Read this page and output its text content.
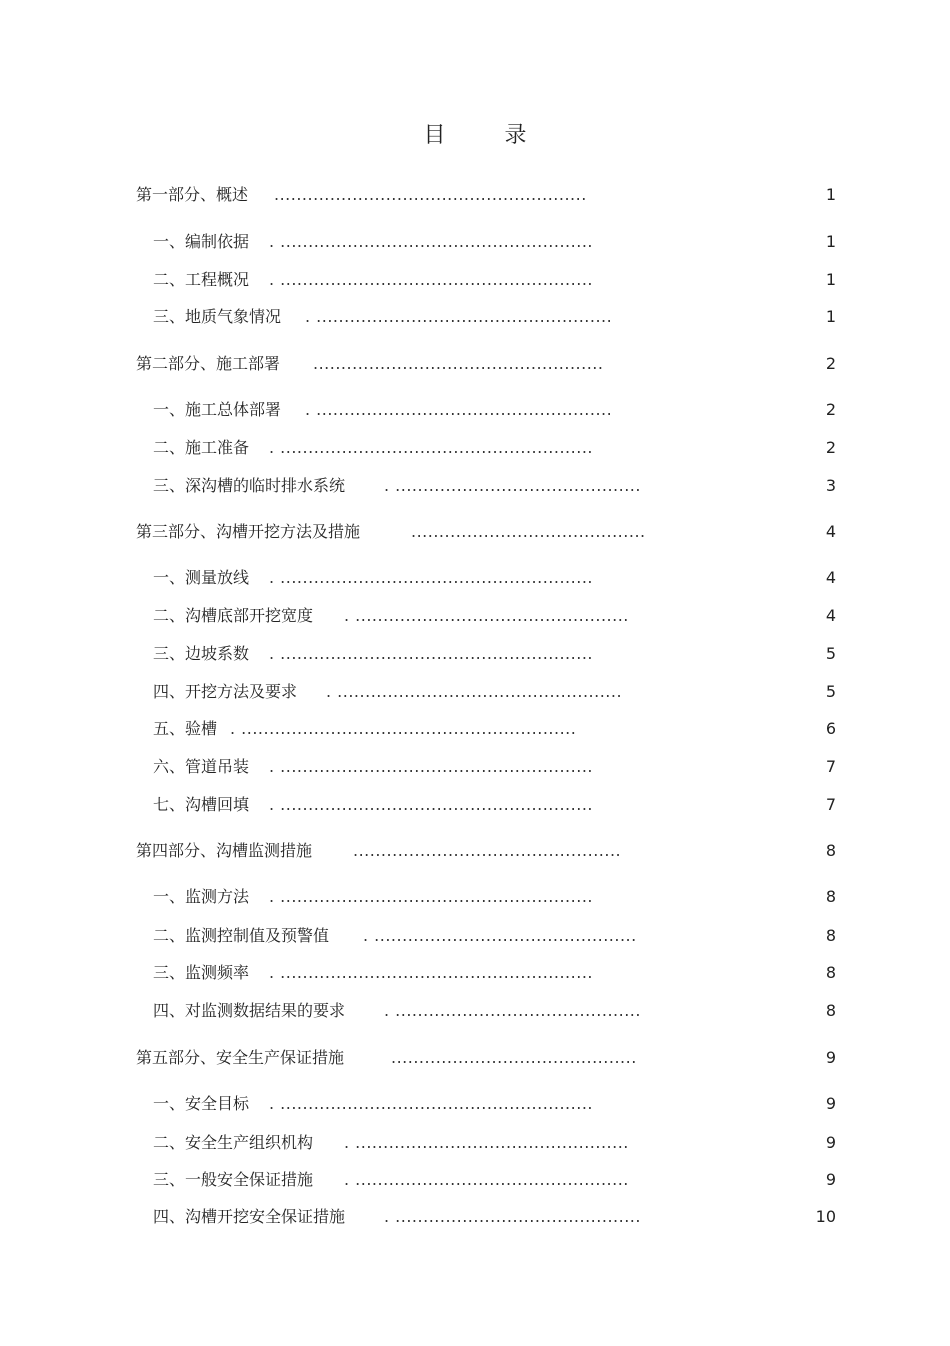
目 录
第一部分、概述 ........................................................	1
一、编制依据 . ........................................................	1
二、工程概况 . ........................................................	1
三、地质气象情况 . .....................................................	1
第二部分、施工部署 ....................................................	2
一、施工总体部署 . .....................................................	2
二、施工准备 . ........................................................	2
三、深沟槽的临时排水系统 . ............................................	3
第三部分、沟槽开挖方法及措施	..........................................	4
一、测量放线 . ........................................................	4
二、沟槽底部开挖宽度 . .................................................	4
三、边坡系数 . ........................................................	5
四、开挖方法及要求 . ...................................................	5
五、验槽 . ............................................................	6
六、管道吊装 . ........................................................	7
七、沟槽回填 . ........................................................	7
第四部分、沟槽监测措施	................................................	8
一、监测方法 . ........................................................	8
二、监测控制值及预警值 . ...............................................	8
三、监测频率 . ........................................................	8
四、对监测数据结果的要求 . ............................................	8
第五部分、安全生产保证措施	............................................	9
一、安全目标 . ........................................................	9
二、安全生产组织机构 . .................................................	9
三、一般安全保证措施 . .................................................	9
四、沟槽开挖安全保证措施 . ............................................	10
